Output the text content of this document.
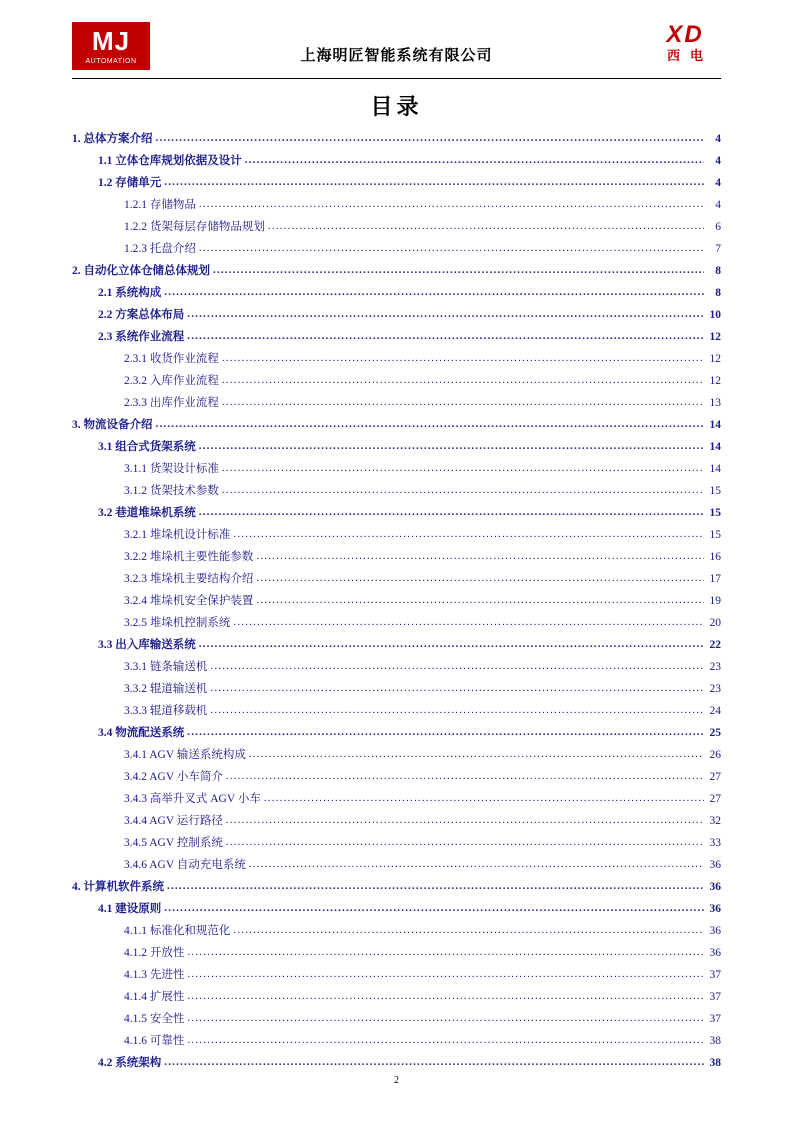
MJ
AUTOMATION	上海明匠智能系统有限公司
XD
西电
目录
1. 总体方案介绍 .....	4
1.1 立体仓库规划依据及设计 .....	4
1.2 存储单元 .....	4
1.2.1 存储物品 .....	4
1.2.2 货架每层存储物品规划 .....	6
1.2.3 托盘介绍 .....	7
2. 自动化立体仓储总体规划 .....	8
2.1 系统构成 .....	8
2.2 方案总体布局 .....	10
2.3 系统作业流程 .....	12
2.3.1 收货作业流程 .....	12
2.3.2 入库作业流程 .....	12
2.3.3 出库作业流程 .....	13
3. 物流设备介绍 .....	14
3.1 组合式货架系统 .....	14
3.1.1 货架设计标准 .....	14
3.1.2 货架技术参数 .....	15
3.2 巷道堆垛机系统 .....	15
3.2.1 堆垛机设计标准 .....	15
3.2.2 堆垛机主要性能参数 .....	16
3.2.3 堆垛机主要结构介绍 .....	17
3.2.4 堆垛机安全保护装置 .....	19
3.2.5 堆垛机控制系统 .....	20
3.3 出入库输送系统 .....	22
3.3.1 链条输送机 .....	23
3.3.2 辊道输送机 .....	23
3.3.3 辊道移载机 .....	24
3.4 物流配送系统 .....	25
3.4.1 AGV 输送系统构成 .....	26
3.4.2 AGV 小车简介 .....	27
3.4.3 高举升叉式 AGV 小车 .....	27
3.4.4 AGV 运行路径 .....	32
3.4.5 AGV 控制系统 .....	33
3.4.6 AGV 自动充电系统 .....	36
4. 计算机软件系统 .....	36
4.1 建设原则 .....	36
4.1.1 标准化和规范化 .....	36
4.1.2 开放性 .....	36
4.1.3 先进性 .....	37
4.1.4 扩展性 .....	37
4.1.5 安全性 .....	37
4.1.6 可靠性 .....	38
4.2 系统架构 .....	38
2
